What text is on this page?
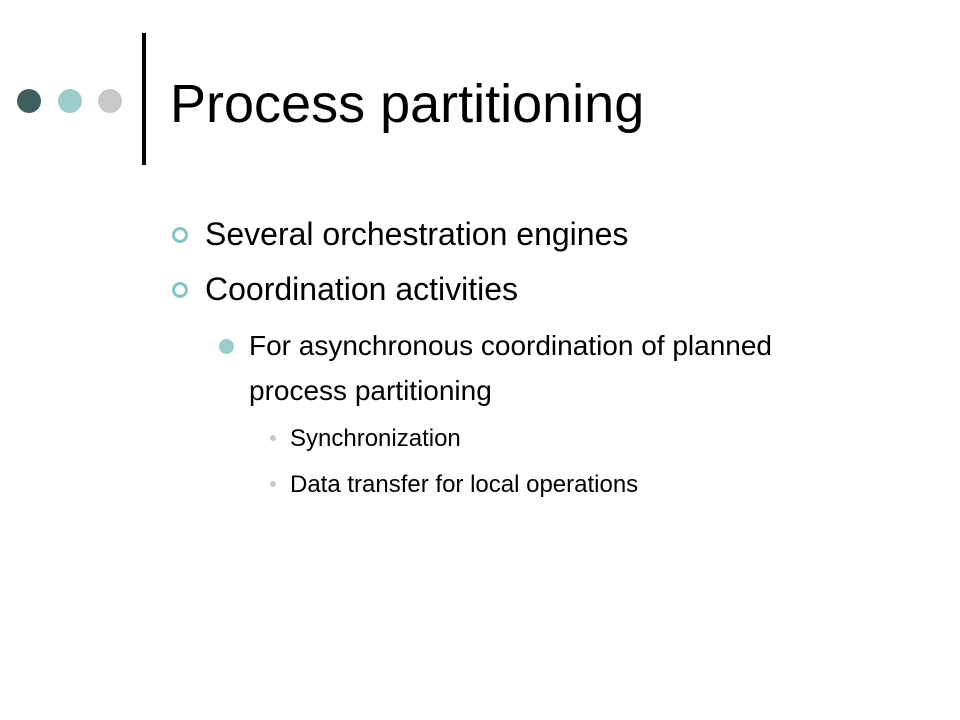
Process partitioning
Several orchestration engines
Coordination activities
For asynchronous coordination of planned process partitioning
Synchronization
Data transfer for local operations
